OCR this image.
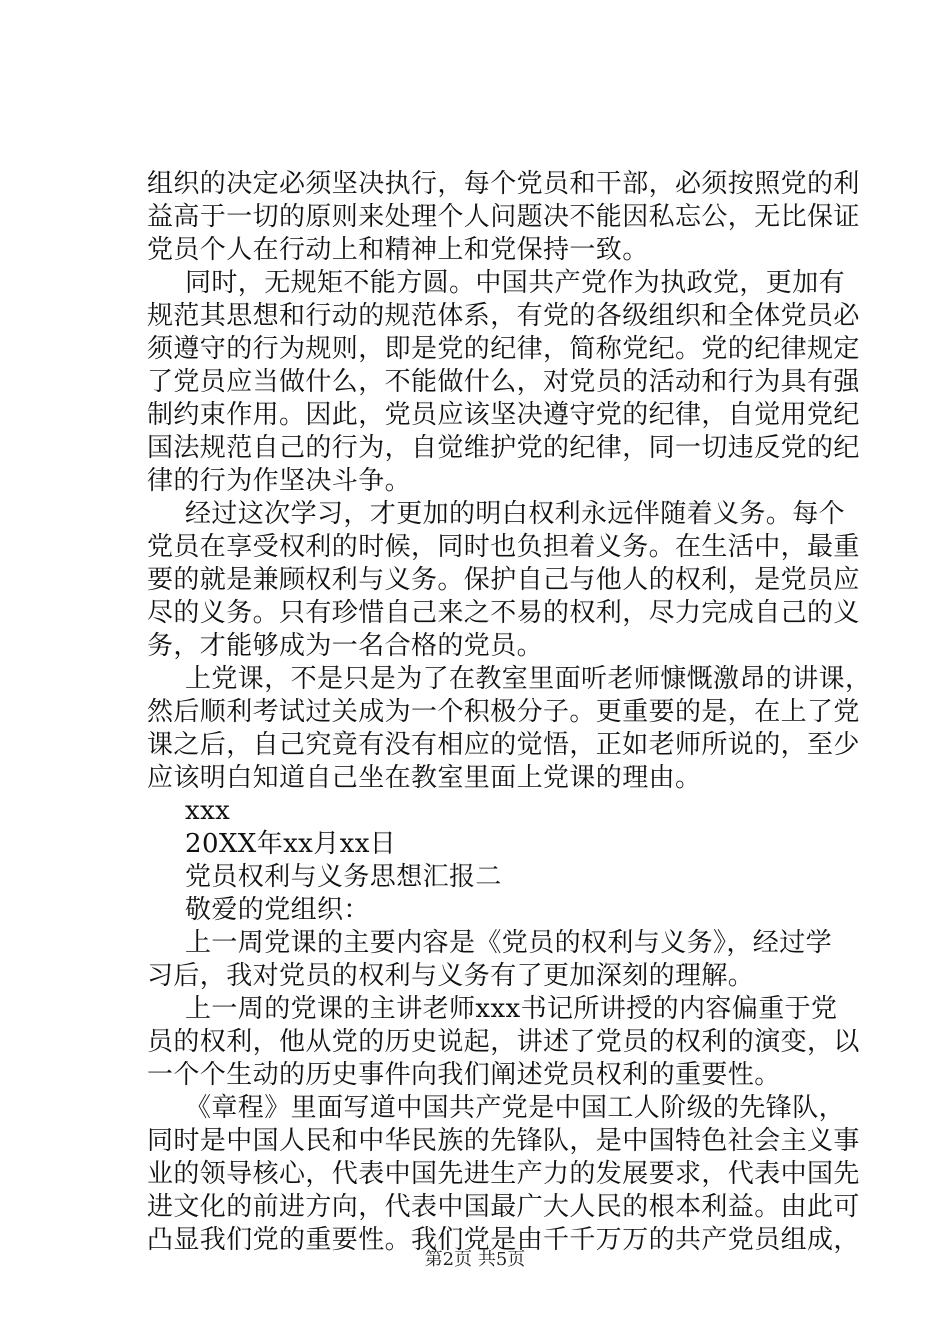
组织的决定必须坚决执行，每个党员和干部，必须按照党的利
益高于一切的原则来处理个人问题决不能因私忘公，无比保证
党员个人在行动上和精神上和党保持一致。
同时，无规矩不能方圆。中国共产党作为执政党，更加有
规范其思想和行动的规范体系，有党的各级组织和全体党员必
须遵守的行为规则，即是党的纪律，简称党纪。党的纪律规定
了党员应当做什么，不能做什么，对党员的活动和行为具有强
制约束作用。因此，党员应该坚决遵守党的纪律，自觉用党纪
国法规范自己的行为，自觉维护党的纪律，同一切违反党的纪
律的行为作坚决斗争。
经过这次学习，才更加的明白权利永远伴随着义务。每个
党员在享受权利的时候，同时也负担着义务。在生活中，最重
要的就是兼顾权利与义务。保护自己与他人的权利，是党员应
尽的义务。只有珍惜自己来之不易的权利，尽力完成自己的义
务，才能够成为一名合格的党员。
上党课，不是只是为了在教室里面听老师慷慨激昂的讲课，
然后顺利考试过关成为一个积极分子。更重要的是，在上了党
课之后，自己究竟有没有相应的觉悟，正如老师所说的，至少
应该明白知道自己坐在教室里面上党课的理由。
xxx
20XX年xx月xx日
党员权利与义务思想汇报二
敬爱的党组织：
上一周党课的主要内容是《党员的权利与义务》，经过学
习后，我对党员的权利与义务有了更加深刻的理解。
上一周的党课的主讲老师xxx书记所讲授的内容偏重于党
员的权利，他从党的历史说起，讲述了党员的权利的演变，以
一个个生动的历史事件向我们阐述党员权利的重要性。
《章程》里面写道中国共产党是中国工人阶级的先锋队，
同时是中国人民和中华民族的先锋队，是中国特色社会主义事
业的领导核心，代表中国先进生产力的发展要求，代表中国先
进文化的前进方向，代表中国最广大人民的根本利益。由此可
凸显我们党的重要性。我们党是由千千万万的共产党员组成，
第2页 共5页
